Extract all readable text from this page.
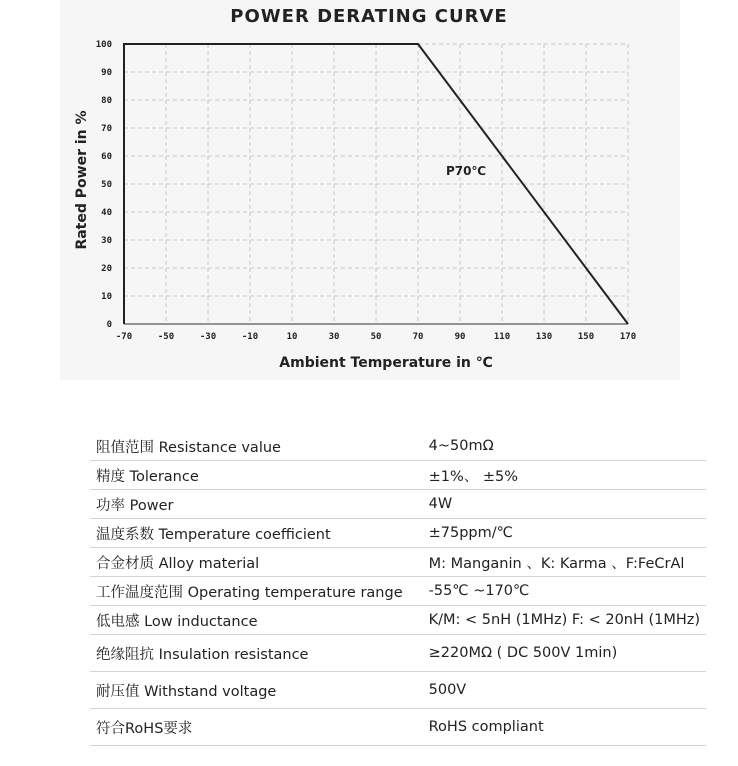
POWER DERATING CURVE
-70	-50	-30	-10	10	30	50	70	90	110	130	150	170
0
10
20
30
40
50
60
70
80
90
100
Ambient Temperature in ℃
Rated Power in %	P70℃
阻值范围 Resistance value	4~50mΩ
精度 Tolerance	±1%、 ±5%
功率 Power	4W
温度系数 Temperature coefficient	±75ppm/℃
合金材质 Alloy material	M: Manganin 、K: Karma 、F:FeCrAl
工作温度范围 Operating temperature range	-55℃ ~170℃
低电感 Low inductance	K/M: < 5nH (1MHz) F: < 20nH (1MHz)
绝缘阻抗 Insulation resistance	≥220MΩ ( DC 500V 1min)
耐压值 Withstand voltage	500V
符合RoHS要求	RoHS compliant
